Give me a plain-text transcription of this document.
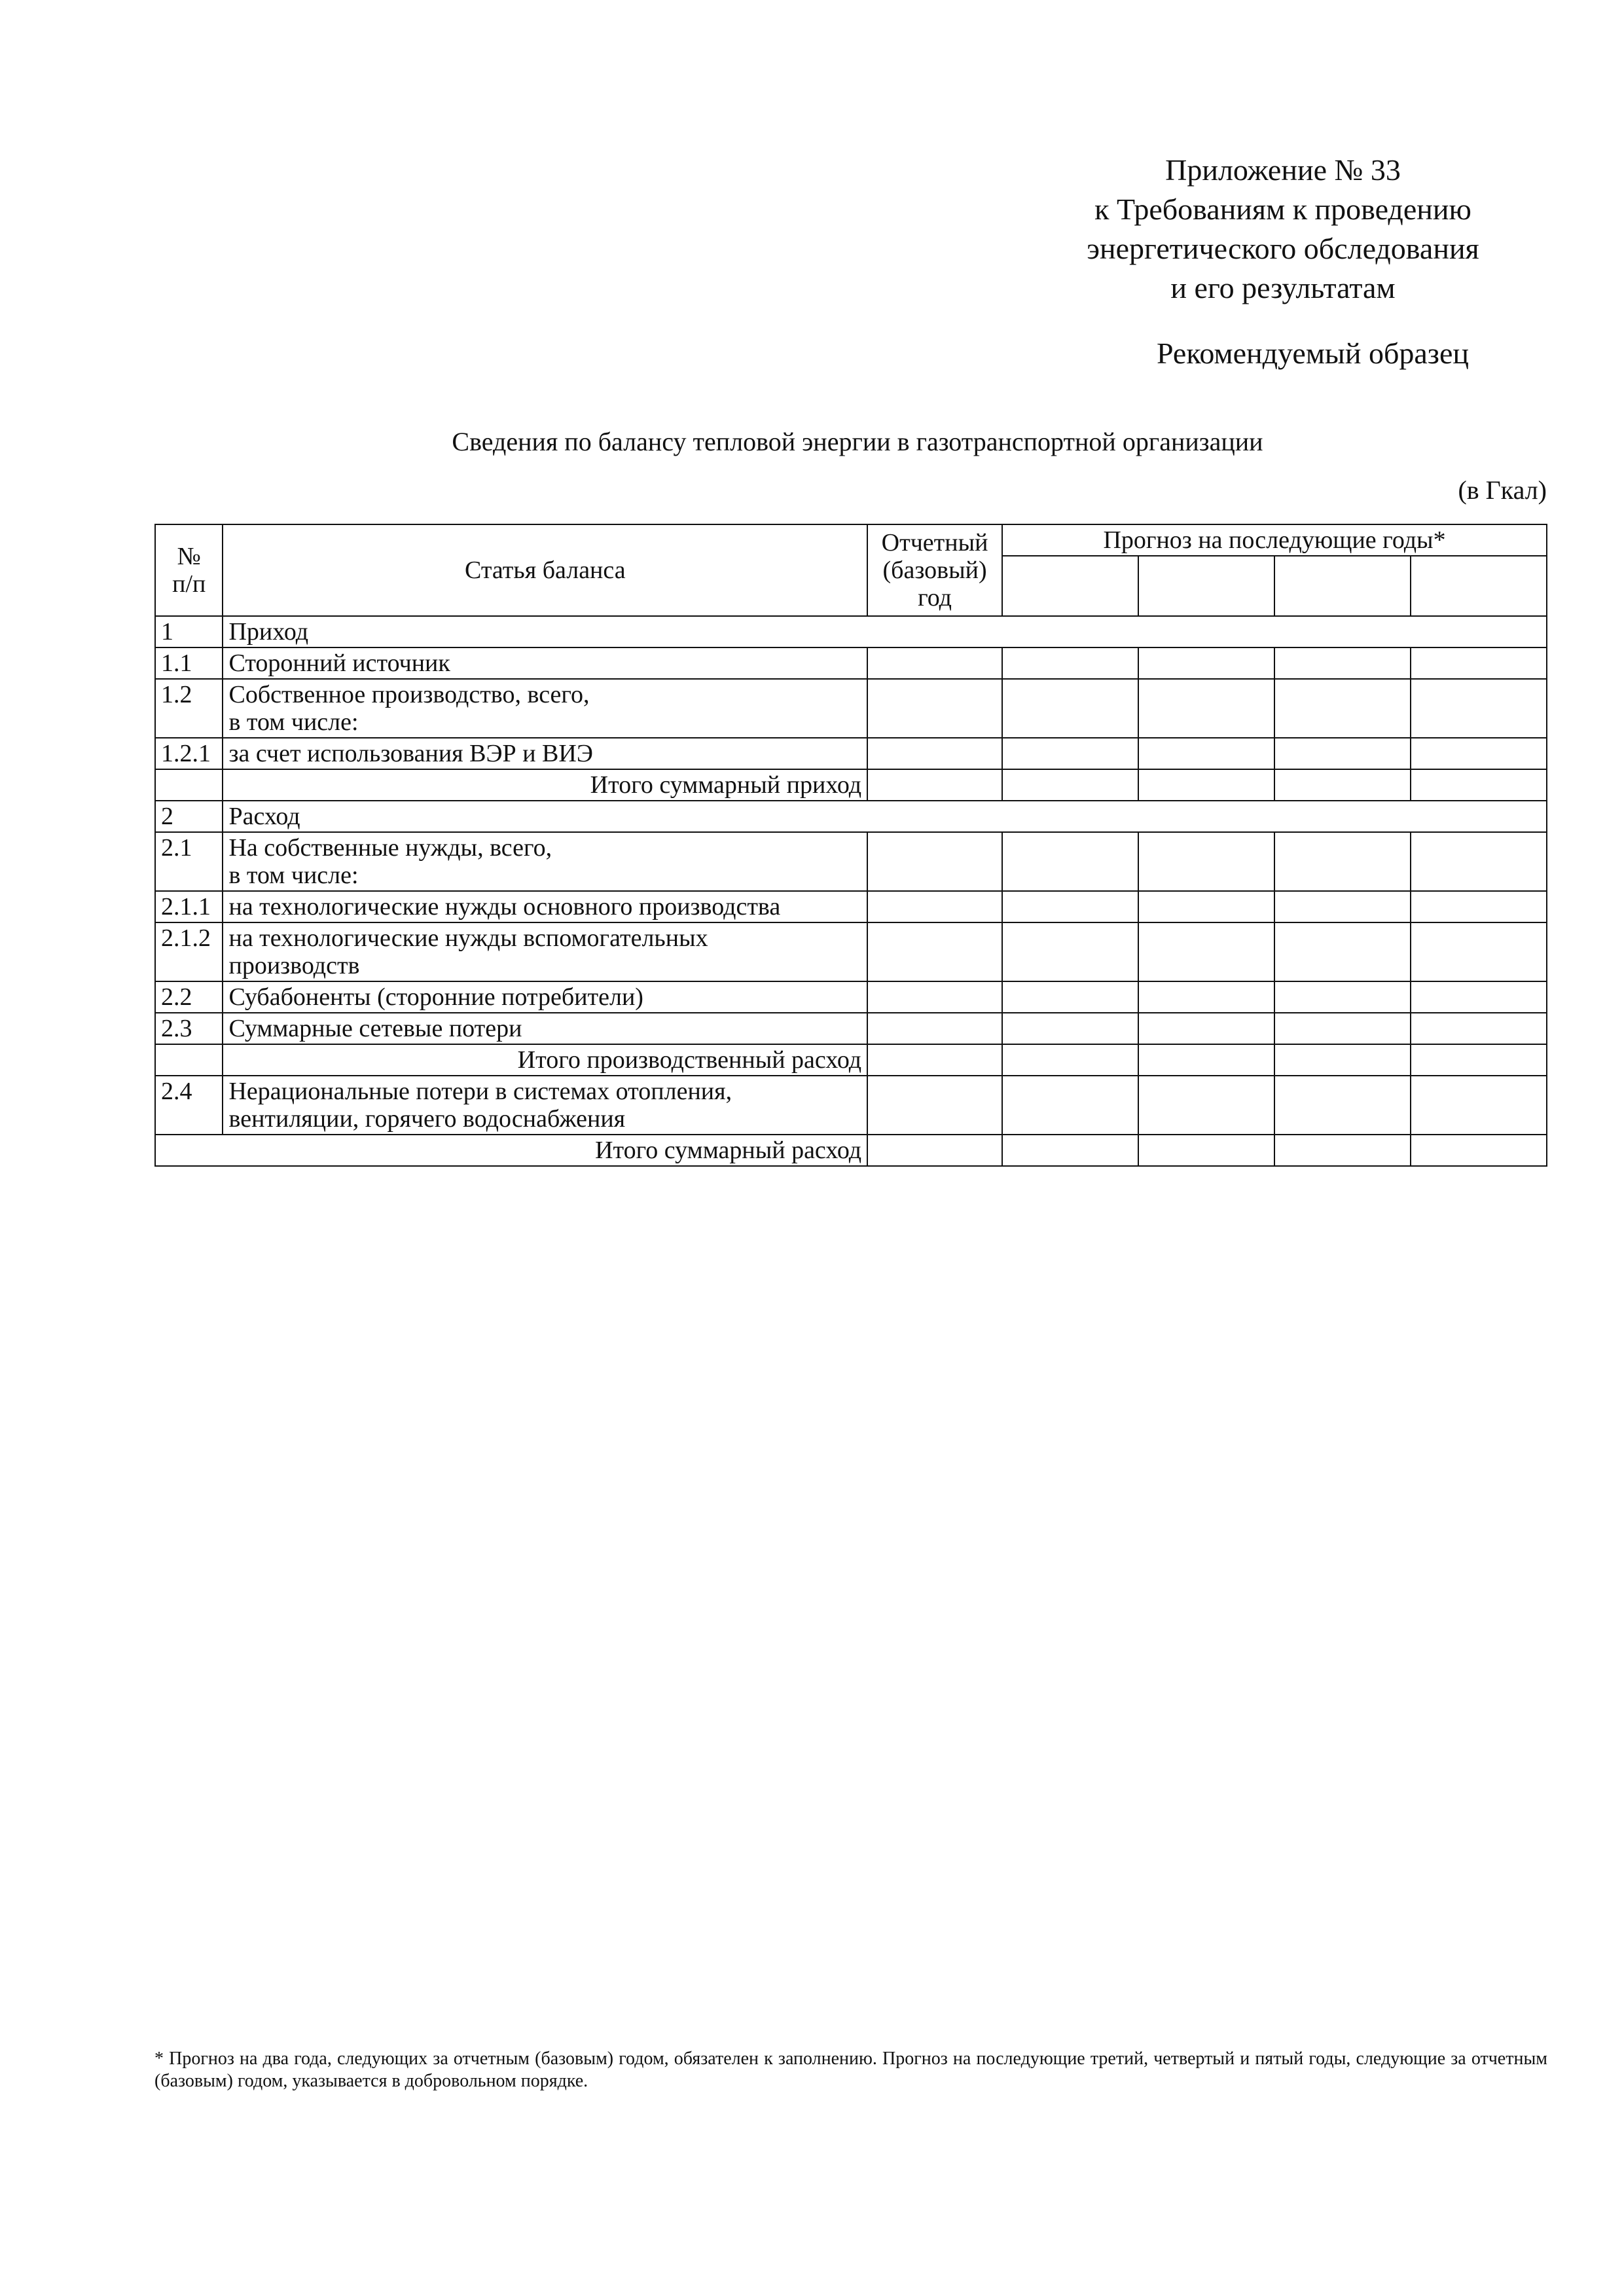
Приложение № 33
к Требованиям к проведению
энергетического обследования
и его результатам
Рекомендуемый образец
Сведения по балансу тепловой энергии в газотранспортной организации
(в Гкал)
№
п/п	Статья баланса	Отчетный
(базовый)
год	Прогноз на последующие годы*			

1	Приход					
1.1	Сторонний источник					
1.2	Собственное производство, всего,
в том числе:					
1.2.1	за счет использования ВЭР и ВИЭ					
	Итого суммарный приход					
2	Расход					
2.1	На собственные нужды, всего,
в том числе:					
2.1.1	на технологические нужды основного производства					
2.1.2	на технологические нужды вспомогательных
производств					
2.2	Субабоненты (сторонние потребители)					
2.3	Суммарные сетевые потери					
	Итого производственный расход					
2.4	Нерациональные потери в системах отопления,
вентиляции, горячего водоснабжения					
Итого суммарный расход						
* Прогноз на два года, следующих за отчетным (базовым) годом, обязателен к заполнению. Прогноз на последующие третий, четвертый и пятый годы, следующие за отчетным (базовым) годом, указывается в добровольном порядке.
